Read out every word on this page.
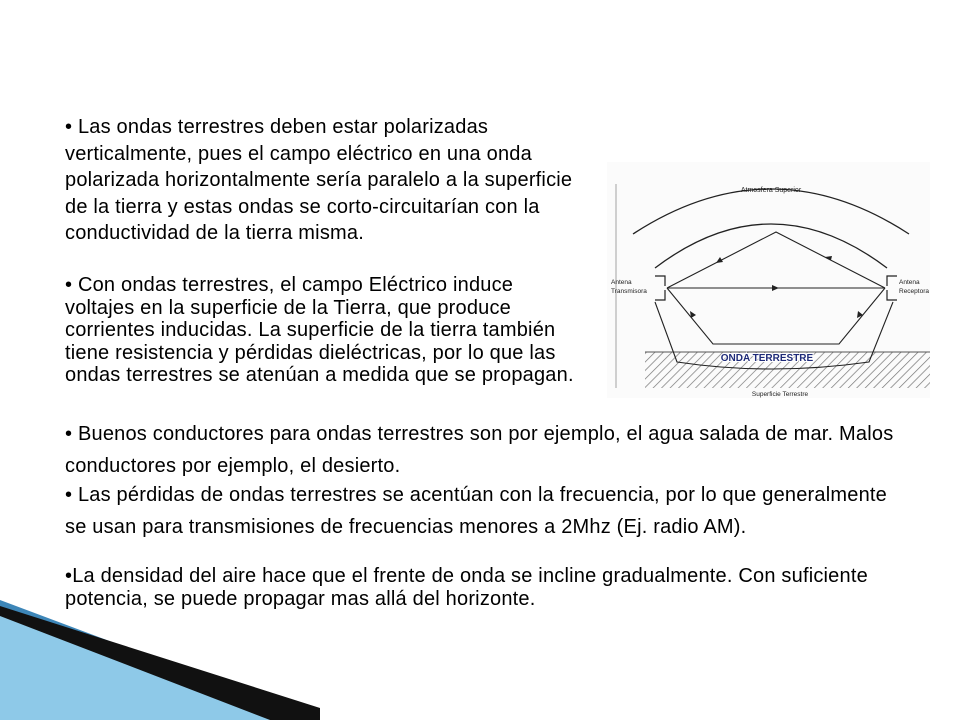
• Las ondas terrestres deben estar polarizadas verticalmente, pues el campo eléctrico en una onda polarizada horizontalmente sería paralelo a la superficie de la tierra y estas ondas se corto-circuitarían con la conductividad de la tierra misma.

• Con ondas terrestres, el campo Eléctrico induce voltajes en la superficie de la Tierra, que produce corrientes inducidas. La superficie de la tierra también tiene resistencia y pérdidas dieléctricas, por lo que las ondas terrestres se atenúan a medida que se propagan.

• Buenos conductores para ondas terrestres son por ejemplo, el agua salada de mar. Malos conductores por ejemplo, el desierto.

• Las pérdidas de ondas terrestres se acentúan con la frecuencia, por lo que generalmente se usan para transmisiones de frecuencias menores a 2Mhz (Ej. radio AM).

•La densidad del aire hace que el frente de onda se incline gradualmente. Con suficiente potencia, se puede propagar mas allá del horizonte.

Atmosfera Superior
ONDA TERRESTRE
Superficie Terrestre
Antena
Transmisora
Antena
Receptora
